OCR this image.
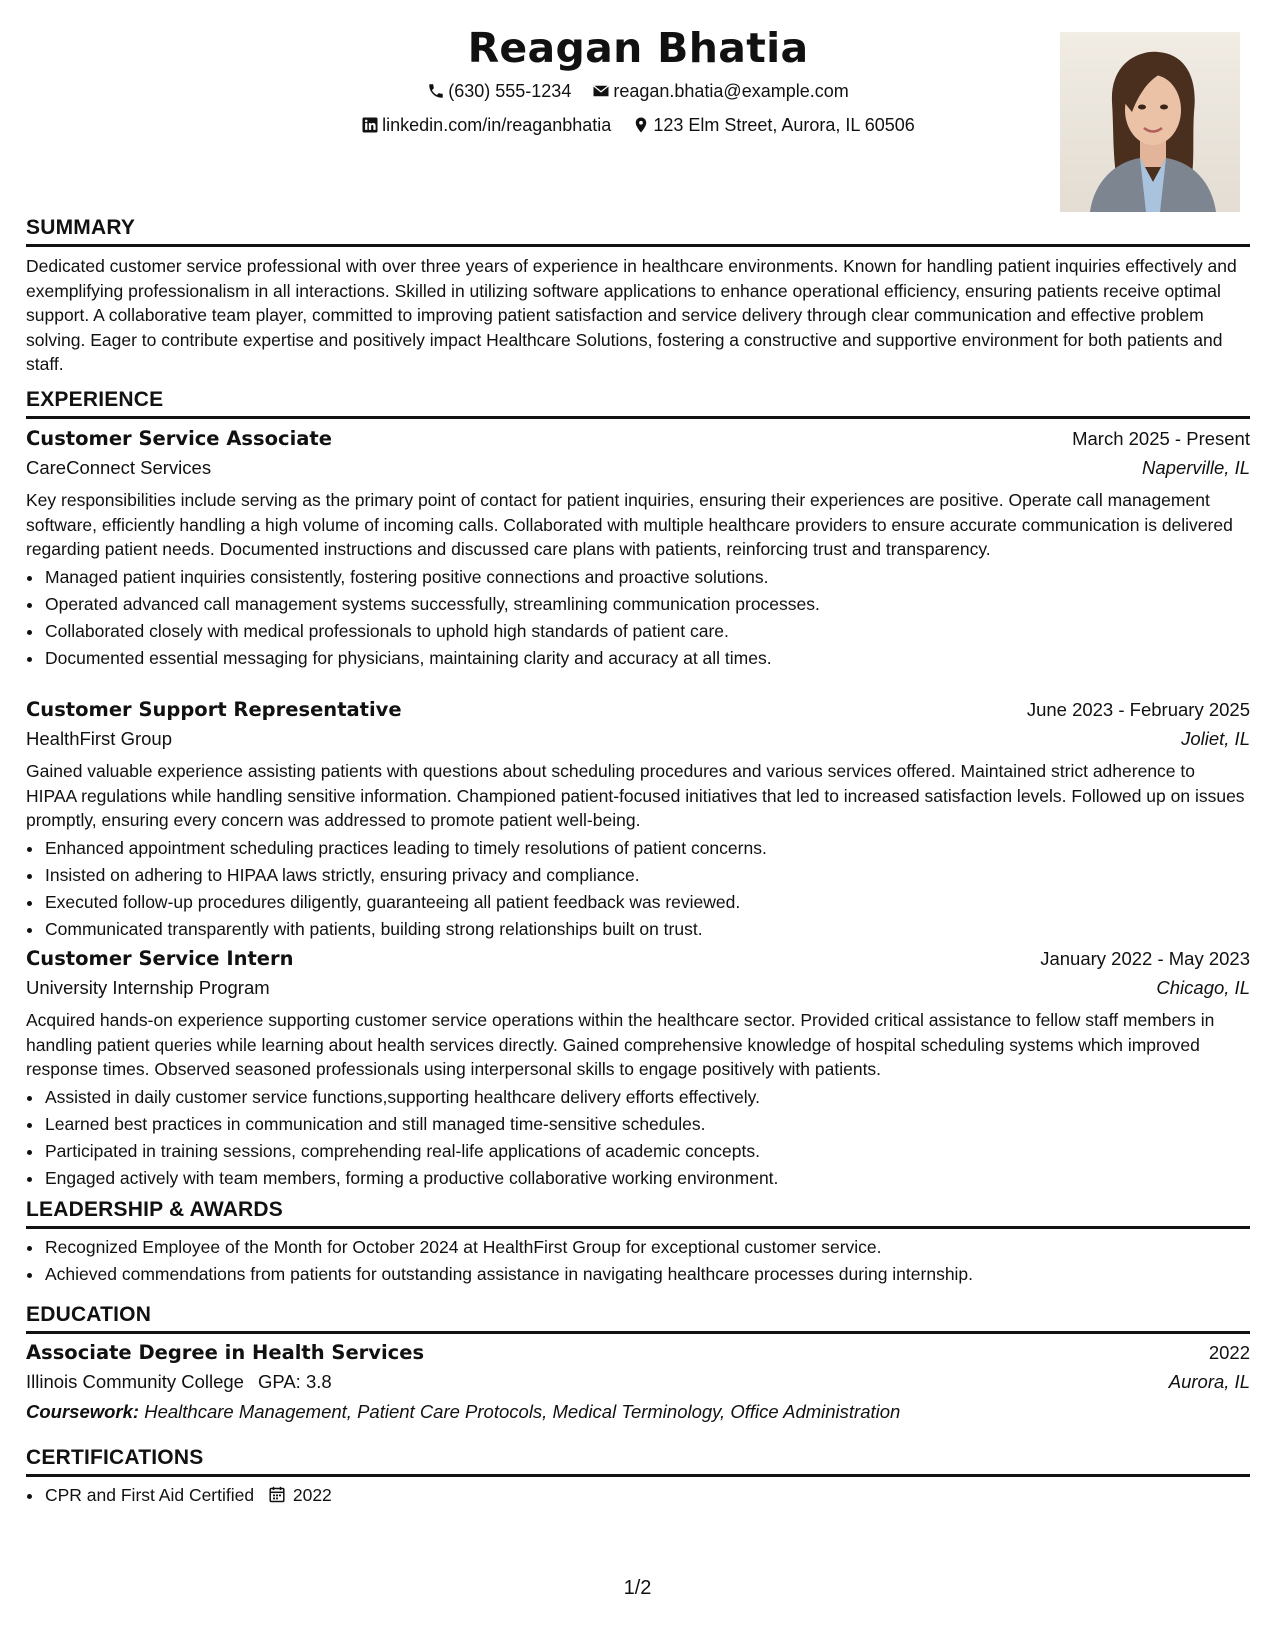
Reagan Bhatia
(630) 555-1234
reagan.bhatia@example.com
linkedin.com/in/reaganbhatia
123 Elm Street, Aurora, IL 60506
SUMMARY

Dedicated customer service professional with over three years of experience in healthcare environments. Known for handling patient inquiries effectively and exemplifying professionalism in all interactions. Skilled in utilizing software applications to enhance operational efficiency, ensuring patients receive optimal support. A collaborative team player, committed to improving patient satisfaction and service delivery through clear communication and effective problem solving. Eager to contribute expertise and positively impact Healthcare Solutions, fostering a constructive and supportive environment for both patients and staff.

EXPERIENCE
Customer Service Associate	March 2025 - Present
CareConnect Services	Naperville, IL
Key responsibilities include serving as the primary point of contact for patient inquiries, ensuring their experiences are positive. Operate call management software, efficiently handling a high volume of incoming calls. Collaborated with multiple healthcare providers to ensure accurate communication is delivered regarding patient needs. Documented instructions and discussed care plans with patients, reinforcing trust and transparency.
• Managed patient inquiries consistently, fostering positive connections and proactive solutions.
• Operated advanced call management systems successfully, streamlining communication processes.
• Collaborated closely with medical professionals to uphold high standards of patient care.
• Documented essential messaging for physicians, maintaining clarity and accuracy at all times.
Customer Support Representative	June 2023 - February 2025
HealthFirst Group	Joliet, IL
Gained valuable experience assisting patients with questions about scheduling procedures and various services offered. Maintained strict adherence to HIPAA regulations while handling sensitive information. Championed patient-focused initiatives that led to increased satisfaction levels. Followed up on issues promptly, ensuring every concern was addressed to promote patient well-being.
• Enhanced appointment scheduling practices leading to timely resolutions of patient concerns.
• Insisted on adhering to HIPAA laws strictly, ensuring privacy and compliance.
• Executed follow-up procedures diligently, guaranteeing all patient feedback was reviewed.
• Communicated transparently with patients, building strong relationships built on trust.
Customer Service Intern	January 2022 - May 2023
University Internship Program	Chicago, IL
Acquired hands-on experience supporting customer service operations within the healthcare sector. Provided critical assistance to fellow staff members in handling patient queries while learning about health services directly. Gained comprehensive knowledge of hospital scheduling systems which improved response times. Observed seasoned professionals using interpersonal skills to engage positively with patients.
• Assisted in daily customer service functions,supporting healthcare delivery efforts effectively.
• Learned best practices in communication and still managed time-sensitive schedules.
• Participated in training sessions, comprehending real-life applications of academic concepts.
• Engaged actively with team members, forming a productive collaborative working environment.
LEADERSHIP & AWARDS
• Recognized Employee of the Month for October 2024 at HealthFirst Group for exceptional customer service.
• Achieved commendations from patients for outstanding assistance in navigating healthcare processes during internship.
EDUCATION
Associate Degree in Health Services	2022
Illinois Community College GPA: 3.8	Aurora, IL
Coursework: Healthcare Management, Patient Care Protocols, Medical Terminology, Office Administration
CERTIFICATIONS
• CPR and First Aid Certified 2022
1/2
